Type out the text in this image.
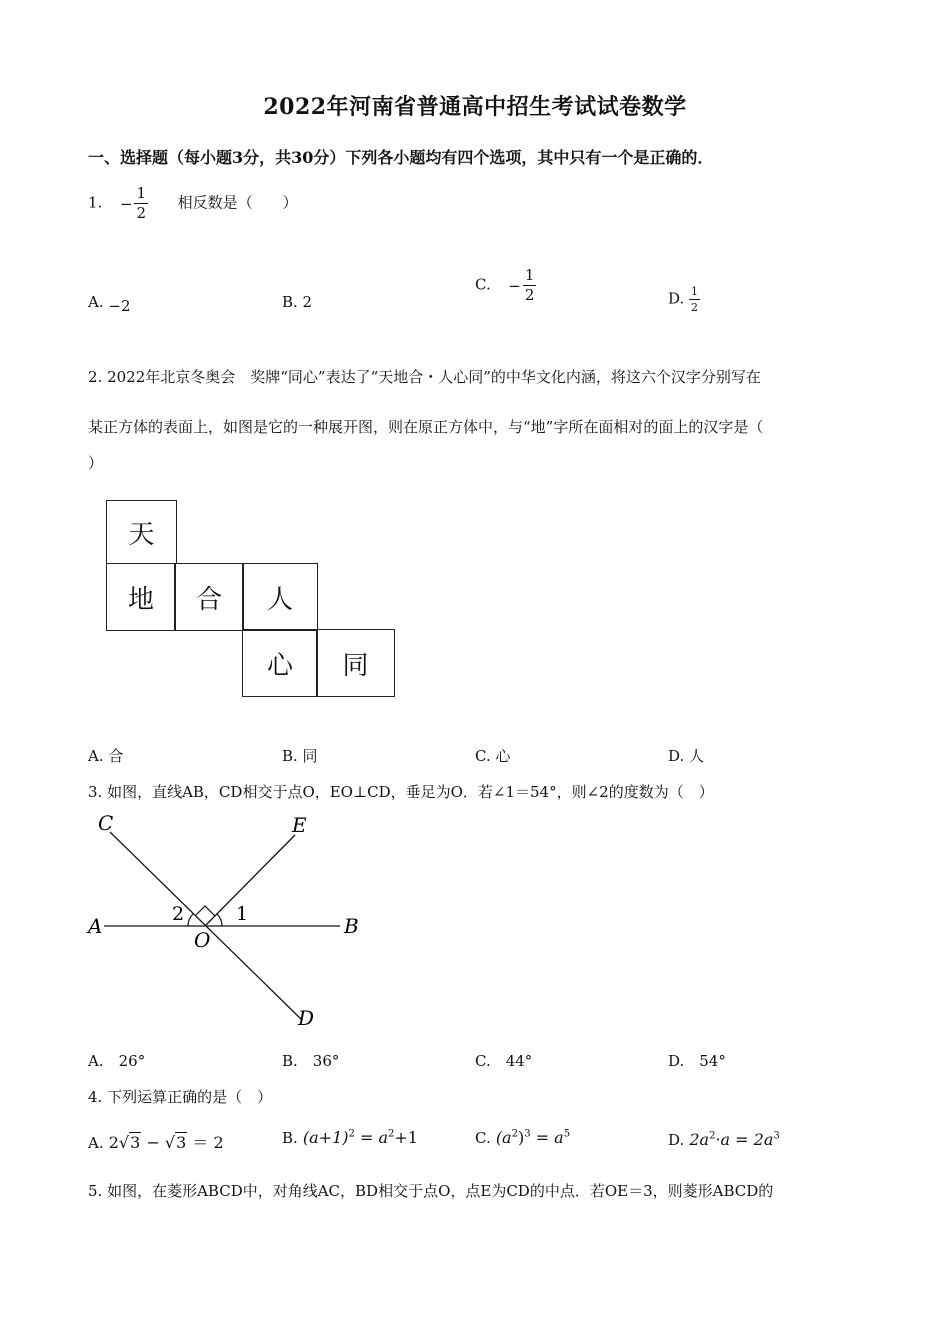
2022年河南省普通高中招生考试试卷数学
一、选择题（每小题3分，共30分）下列各小题均有四个选项，其中只有一个是正确的．
1. − $\frac{1}{2}$ 相反数是（　　）
A. −2	B. 2
C. − $\frac{1}{2}$	D. $\frac{1}{2}$
2. 2022年北京冬奥会　奖牌“同心”表达了“天地合・人心同”的中华文化内涵，将这六个汉字分别写在
某正方体的表面上，如图是它的一种展开图，则在原正方体中，与“地”字所在面相对的面上的汉字是（
）
天
地	合	人
心	同
A. 合	B. 同	C. 心	D. 人
3. 如图，直线AB，CD相交于点O，EO⊥CD，垂足为O．若∠1＝54°，则∠2的度数为（　）
C	E
A	B
O
D
1
2
A.　26°	B.　36°	C.　44°	D.　54°
4. 下列运算正确的是（　）
A. 2√3 − √3 ＝ 2	B. $(a+1)^2 = a^2+1$	C. $(a^2)^3 = a^5$	D. $2a^2\cdot a = 2a^3$
5. 如图，在菱形ABCD中，对角线AC，BD相交于点O，点E为CD的中点．若OE＝3，则菱形ABCD的
